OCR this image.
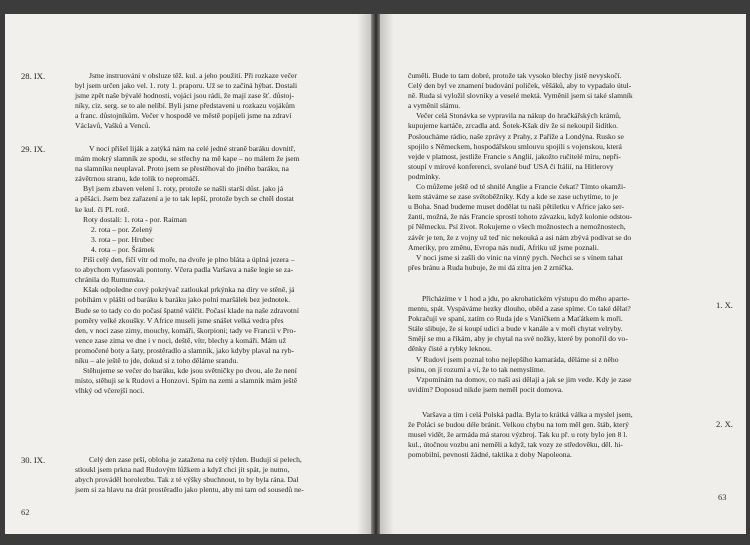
28. IX.	Jsme instruováni v obsluze těž. kul. a jeho použití. Při rozkaze večer
byl jsem určen jako vel. 1. roty 1. praporu. Už se to začíná hýbat. Dostali
jsme zpět naše bývalé hodnosti, vojáci jsou rádi, že mají zase šť. důstoj-
níky, ciz. serg. se to ale nelíbí. Byli jsme představeni u rozkazu vojákům
a franc. důstojníkům. Večer v hospodě ve městě popíjeli jsme na zdraví
Václavů, Vašků a Venců.
29. IX.	V noci přišel liják a zatýká nám na celé jedné straně baráku dovnitř,
mám mokrý slamník ze spodu, se střechy na mě kape – no málem že jsem
na slamníku neuplaval. Proto jsem se přestěhoval do jiného baráku, na
závětrnou stranu, kde tolik to nepromáčí.
Byl jsem zbaven velení 1. roty, protože se našli starší důst. jako já
a pěšáci. Jsem bez zařazení a je to tak lepší, protože bych se chtěl dostat
ke kul. či PL rotě.
Roty dostali: 1. rota - por. Raiman
2. rota – por. Zelený
3. rota – por. Hrubec
4. rota – por. Šrámek
Píší celý den, fičí vítr od moře, na dvoře je plno bláta a úplná jezera –
to abychom vyfasovali pontony. Včera padla Varšava a naše legie se za-
chránila do Rumunska.
Kšak odpoledne cový pokrývač zatloukal prkýnka na díry ve stěně, já
pobíhám v plášti od baráku k baráku jako polní maršálek bez jednotek.
Bude se to tady co do počasí špatně válčit. Počasí klade na naše zdravotní
poměry velké zkoušky. V Africe museli jsme snášet velká vedra přes
den, v noci zase zimy, mouchy, komáři, škorpioni; tady ve Francii v Pro-
vence zase zima ve dne i v noci, deště, vítr, blechy a komáři. Mám už
promočené boty a šaty, prostěradlo a slamník, jako kdyby plaval na ryb-
níku – ale ještě to jde, dokud si z toho děláme srandu.
Stěhujeme se večer do baráku, kde jsou světničky po dvou, ale že není
místo, stěhuji se k Rudovi a Honzovi. Spím na zemi a slamník mám ještě
vlhký od včerejší noci.
30. IX.	Celý den zase prší, obloha je zatažena na celý týden. Budují si pelech,
stloukl jsem prkna nad Rudovým lůžkem a když chci jít spát, je nutno,
abych prováděl horolezbu. Tak z té výšky sbuchnout, to by byla rána. Dal
jsem si za hlavu na drát prostěradlo jako plentu, aby mi tam od sousedů ne-
62
čuměli. Bude to tam dobré, protože tak vysoko blechy jistě nevyskočí.
Celý den byl ve znamení budování poliček, věšáků, aby to vypadalo útul-
ně. Ruda si vyložil slovníky a veselé mektá. Vyměnil jsem si také slamník
a vyměnil slámu.
Večer celá Stonávka se vypravila na nákup do hračkářských krámů,
kupujeme kartáče, zrcadla atd. Šotek-Kšak dív že si nekoupil šidítko.
Posloucháme rádio, naše zprávy z Prahy, z Paříže a Londýna. Rusko se
spojilo s Německem, hospodářskou smlouvu spojili s vojenskou, která
vejde v platnost, jestliže Francie s Anglií, jakožto ručitelé míru, nepři-
stoupí v mírové konferenci, svolané buď USA či Itálií, na Hitlerovy
podmínky.
Co můžeme ještě od té shnilé Anglie a Francie čekat? Tímto okamži-
kem stáváme se zase světoběžníky. Kdy a kde se zase uchytíme, to je
u Boha. Snad budeme muset dodělat tu naši pětiletku v Africe jako ser-
žanti, možná, že nás Francie sprostí tohoto závazku, když kolonie odstou-
pí Německu. Psí život. Rokujeme o všech možnostech a nemožnostech,
závěr je ten, že z vojny už teď nic nekouká a asi nám zbývá podívat se do
Ameriky, pro změnu, Evropa nás nudí, Afriku už jsme poznali.
V noci jsme si zašli do vinic na vinný pych. Nechci se s vínem tahat
přes bránu a Ruda hubuje, že mi dá zítra jen 2 zrníčka.
Přicházíme v 1 hod a jdu, po akrobatickém výstupu do mého aparte-
mentu, spát. Vyspáváme hezky dlouho, oběd a zase spíme. Co také dělat?
Pokračují ve spaní, zatím co Ruda jde s Vaníčkem a Maťátkem k moři.
Stále slibuje, že si koupí udici a bude v kanále a v moři chytat velryby.
Smějí se mu a říkám, aby je chytal na své nožky, které by ponořil do vo-
děnky čisté a rybky leknou.
V Rudovi jsem poznal toho nejlepšího kamaráda, děláme si z něho
psinu, on jí rozumí a ví, že to tak nemyslíme.
Vzpomínám na domov, co naši asi dělají a jak se jim vede. Kdy je zase
uvidím? Doposud nikde jsem neměl pocit domova.
1. X.
Varšava a tím i celá Polská padla. Byla to krátká válka a myslel jsem,
že Poláci se budou déle bránit. Velkou chybu na tom měl gen. štáb, který
musel vidět, že armáda má starou výzbroj. Tak ku př. u roty bylo jen 8 l.
kul., útočnou vozbu ani neměli a když, tak vozy ze středověku, děl. hi-
pomobilní, pevnosti žádné, taktika z doby Napoleona.
2. X.
63
